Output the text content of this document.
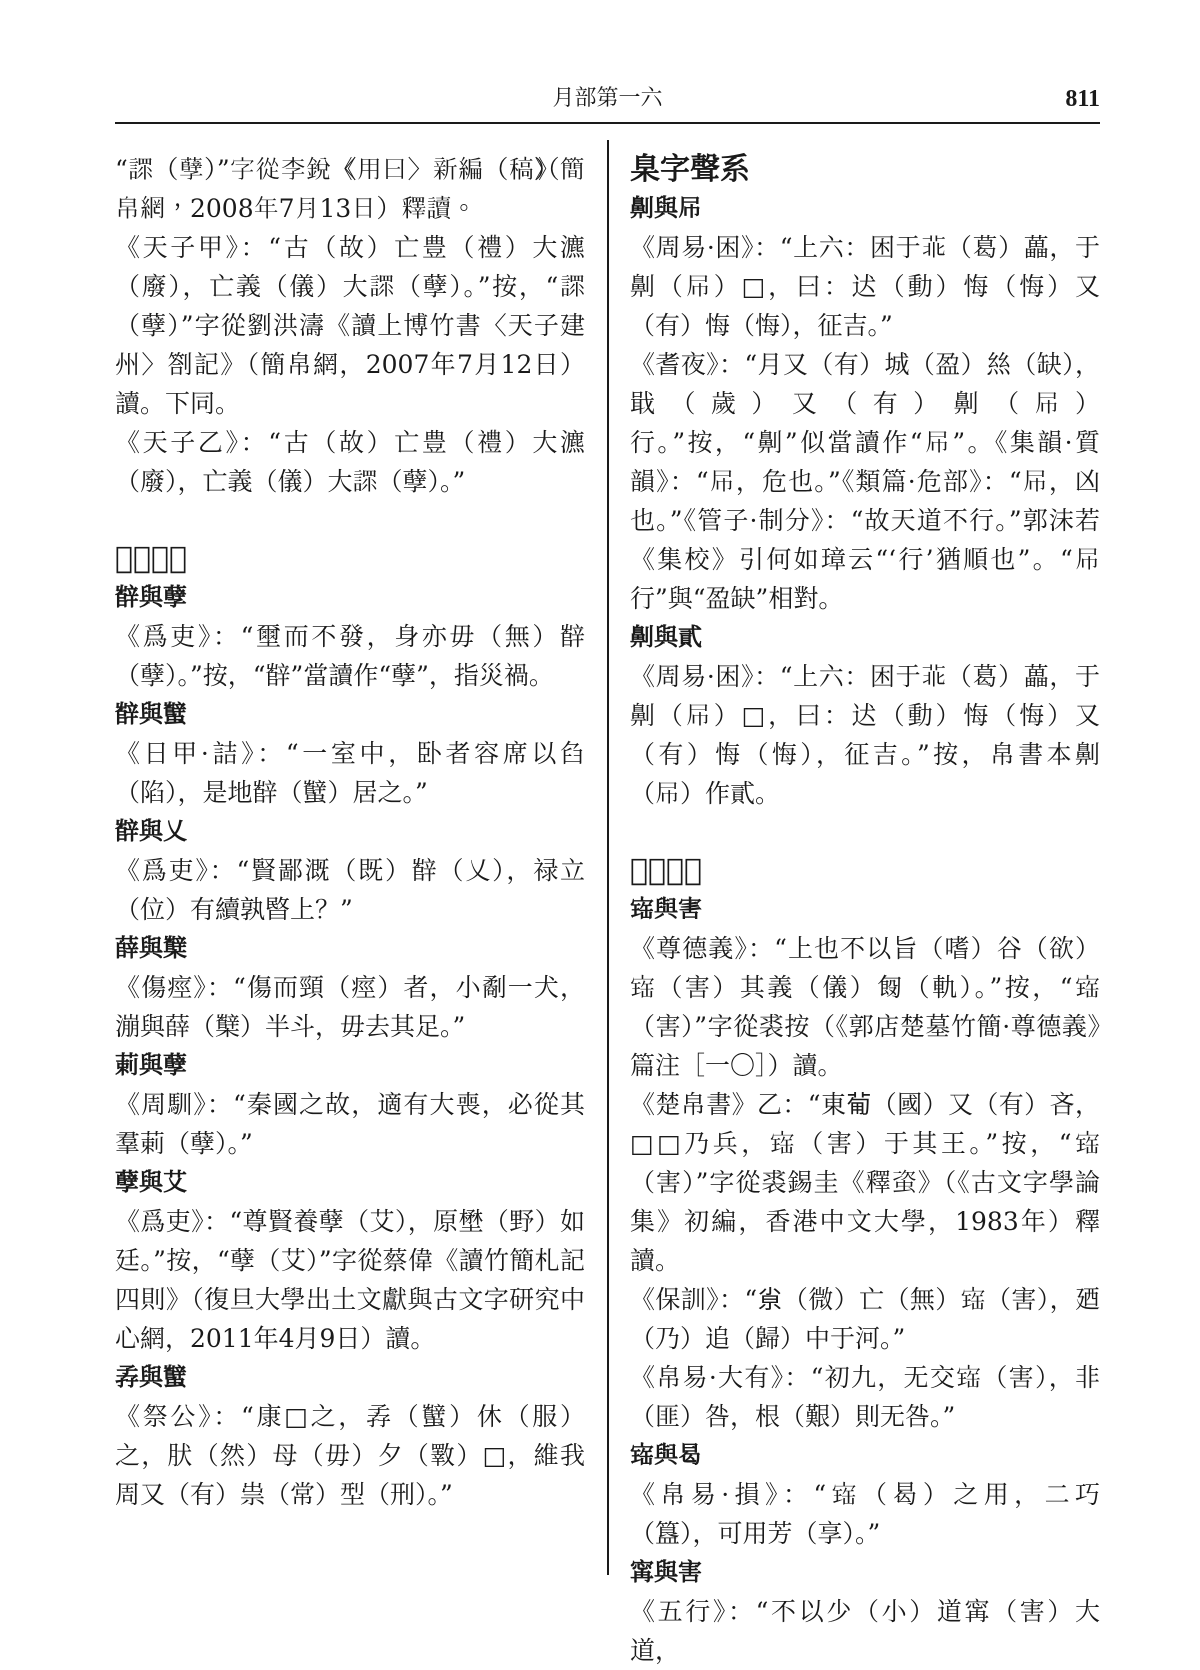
月部第一六	811

“𧪟（孽）”字從李鋭《〈用曰〉新編（稿）》（簡帛網，2008年7月13日）釋讀。

《天子甲》：“古（故）亡豊（禮）大瀌（廢），亡義（儀）大𧪟（孽）。”按，“𧪟（孽）”字從劉洪濤《讀上博竹書〈天子建州〉劄記》（簡帛網，2007年7月12日）讀。下同。

《天子乙》：“古（故）亡豊（禮）大瀌（廢），亡義（儀）大𧪟（孽）。”

𡴀字聲系
辥與孽

《爲吏》：“壐而不發，身亦毋（無）辥（孽）。”按，“辥”當讀作“孽”，指災禍。

辥與蠥

《日甲·詰》：“一室中，卧者容席以臽（陷），是地辥（蠥）居之。”

辥與乂

《爲吏》：“賢鄙溉（既）辥（乂），禄立（位）有續孰暋上？”

薛與櫱

《傷痙》：“傷而頸（痙）者，小劀一犬，漰與薛（櫱）半斗，毋去其足。”

䓶與孽

《周馴》：“秦國之故，適有大喪，必從其羣䓶（孽）。”

孽與艾

《爲吏》：“尊賢養孽（艾），原壄（野）如廷。”按，“孽（艾）”字從蔡偉《讀竹簡札記四則》（復旦大學出土文獻與古文字研究中心網，2011年4月9日）讀。

孨與蠥

《祭公》：“康□之，孨（蠥）休（服）之，肰（然）母（毋）夕（斁）□，維我周又（有）祟（常）型（刑）。”

臬字聲系
劓與𡰯

《周易·困》：“上六：困于𦮃（葛）藟，于劓（𡰯）□，曰：迖（動）悔（悔）又（有）悔（悔），征吉。”

《耆夜》：“月又（有）城（盈）𢇁（缺），戢（歲）又（有）劓（𡰯）行。”按，“劓”似當讀作“𡰯”。《集韻·質韻》：“𡰯，危也。”《類篇·危部》：“𡰯，凶也。”《管子·制分》：“故天道不行。”郭沫若《集校》引何如璋云“‘行’猶順也”。“𡰯行”與“盈缺”相對。

劓與貳

《周易·困》：“上六：困于𦮃（葛）藟，于劓（𡰯）□，曰：迖（動）悔（悔）又（有）悔（悔），征吉。”按，帛書本劓（𡰯）作貳。

𡴀字聲系
𡩧與害

《尊德義》：“上也不以旨（嗜）谷（欲）𡩧（害）其義（儀）匓（軌）。”按，“𡩧（害）”字從裘按（《郭店楚墓竹簡·尊德義》篇注［一〇］）讀。

《楚帛書》乙：“東𤰈（國）又（有）吝，□□乃兵，𡩧（害）于其王。”按，“𡩧（害）”字從裘錫圭《釋𧊒》（《古文字學論集》初編，香港中文大學，1983年）釋讀。

《保訓》：“𡭴（微）亡（無）𡩧（害），廼（乃）追（歸）中于河。”

《帛易·大有》：“初九，无交𡩧（害），非（匪）咎，根（艱）則无咎。”

𡩧與曷

《帛易·損》：“𡩧（曷）之用，二巧（簋），可用芳（享）。”

𡩋與害

《五行》：“不以少（小）道𡩋（害）大道，
